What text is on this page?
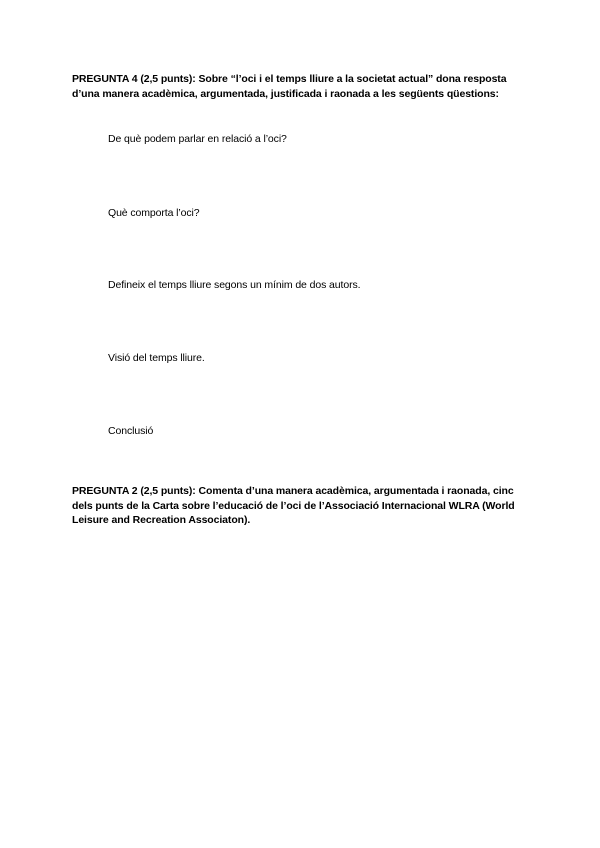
PREGUNTA 4 (2,5 punts): Sobre “l’oci i el temps lliure a la societat actual” dona resposta d’una manera acadèmica, argumentada, justificada i raonada a les següents qüestions:
De què podem parlar en relació a l’oci?
Què comporta l’oci?
Defineix el temps lliure segons un mínim de dos autors.
Visió del temps lliure.
Conclusió
PREGUNTA 2 (2,5 punts): Comenta d’una manera acadèmica, argumentada i raonada, cinc dels punts de la Carta sobre l’educació de l’oci de l’Associació Internacional WLRA (World Leisure and Recreation Associaton).
